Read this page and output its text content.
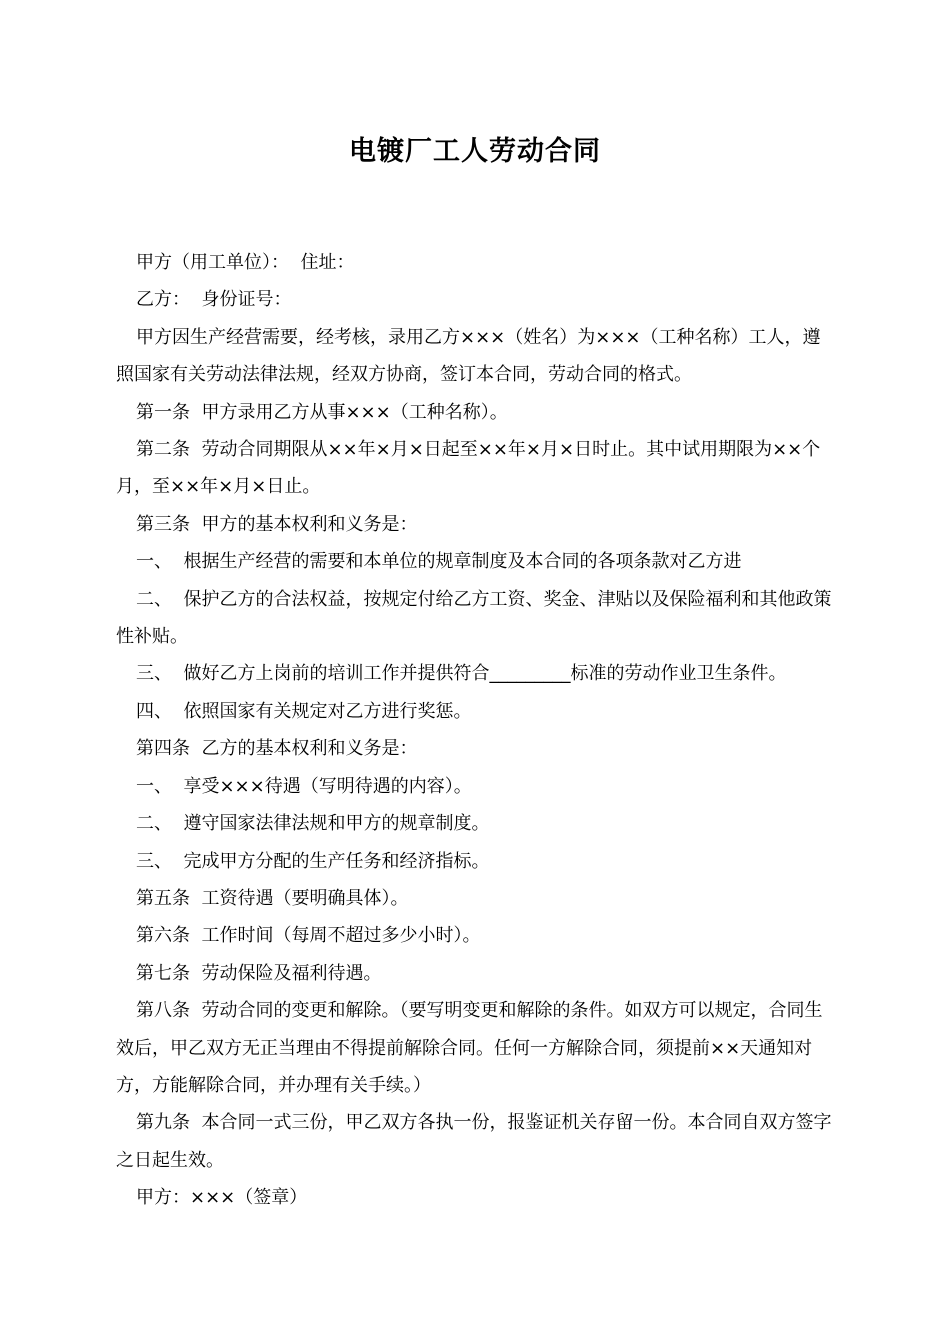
电镀厂工人劳动合同

甲方（用工单位）：  住址：

乙方：  身份证号：

甲方因生产经营需要，经考核，录用乙方×××（姓名）为×××（工种名称）工人，遵照国家有关劳动法律法规，经双方协商，签订本合同，劳动合同的格式。

第一条  甲方录用乙方从事×××（工种名称）。

第二条  劳动合同期限从××年×月×日起至××年×月×日时止。其中试用期限为××个月，至××年×月×日止。

第三条  甲方的基本权利和义务是：

一、  根据生产经营的需要和本单位的规章制度及本合同的各项条款对乙方进

二、  保护乙方的合法权益，按规定付给乙方工资、奖金、津贴以及保险福利和其他政策性补贴。

三、  做好乙方上岗前的培训工作并提供符合_________标准的劳动作业卫生条件。

四、  依照国家有关规定对乙方进行奖惩。

第四条  乙方的基本权利和义务是：

一、  享受×××待遇（写明待遇的内容）。

二、  遵守国家法律法规和甲方的规章制度。

三、  完成甲方分配的生产任务和经济指标。

第五条  工资待遇（要明确具体）。

第六条  工作时间（每周不超过多少小时）。

第七条  劳动保险及福利待遇。

第八条  劳动合同的变更和解除。（要写明变更和解除的条件。如双方可以规定，合同生效后，甲乙双方无正当理由不得提前解除合同。任何一方解除合同，须提前××天通知对方，方能解除合同，并办理有关手续。）

第九条  本合同一式三份，甲乙双方各执一份，报鉴证机关存留一份。本合同自双方签字之日起生效。

甲方：×××（签章）
